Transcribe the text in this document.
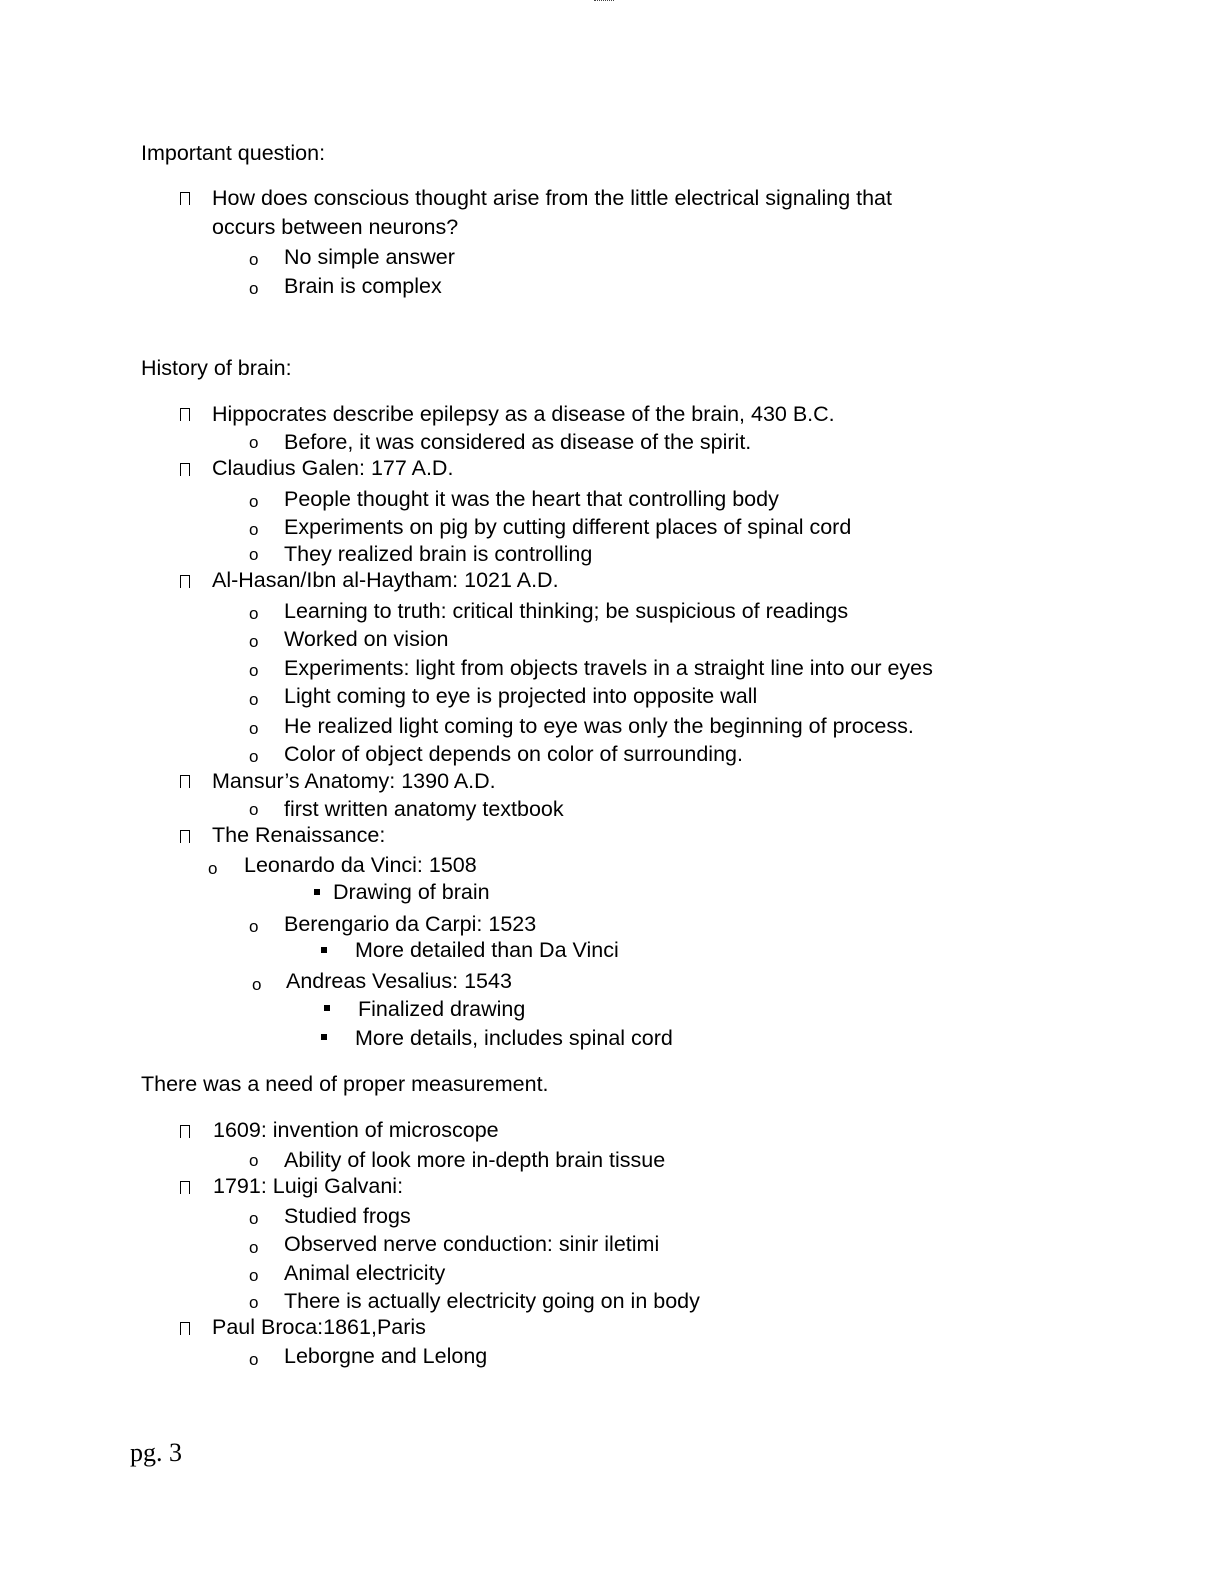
Important question:
How does conscious thought arise from the little electrical signaling that
occurs between neurons?
o No simple answer
o Brain is complex
History of brain:
Hippocrates describe epilepsy as a disease of the brain, 430 B.C.
o Before, it was considered as disease of the spirit.
Claudius Galen: 177 A.D.
o People thought it was the heart that controlling body
o Experiments on pig by cutting different places of spinal cord
o They realized brain is controlling
Al-Hasan/Ibn al-Haytham: 1021 A.D.
o Learning to truth: critical thinking; be suspicious of readings
o Worked on vision
o Experiments: light from objects travels in a straight line into our eyes
o Light coming to eye is projected into opposite wall
o He realized light coming to eye was only the beginning of process.
o Color of object depends on color of surrounding.
Mansur’s Anatomy: 1390 A.D.
o first written anatomy textbook
The Renaissance:
o Leonardo da Vinci: 1508
Drawing of brain
o Berengario da Carpi: 1523
More detailed than Da Vinci
o Andreas Vesalius: 1543
Finalized drawing
More details, includes spinal cord
There was a need of proper measurement.
1609: invention of microscope
o Ability of look more in-depth brain tissue
1791: Luigi Galvani:
o Studied frogs
o Observed nerve conduction: sinir iletimi
o Animal electricity
o There is actually electricity going on in body
Paul Broca:1861,Paris
o Leborgne and Lelong
pg. 3
